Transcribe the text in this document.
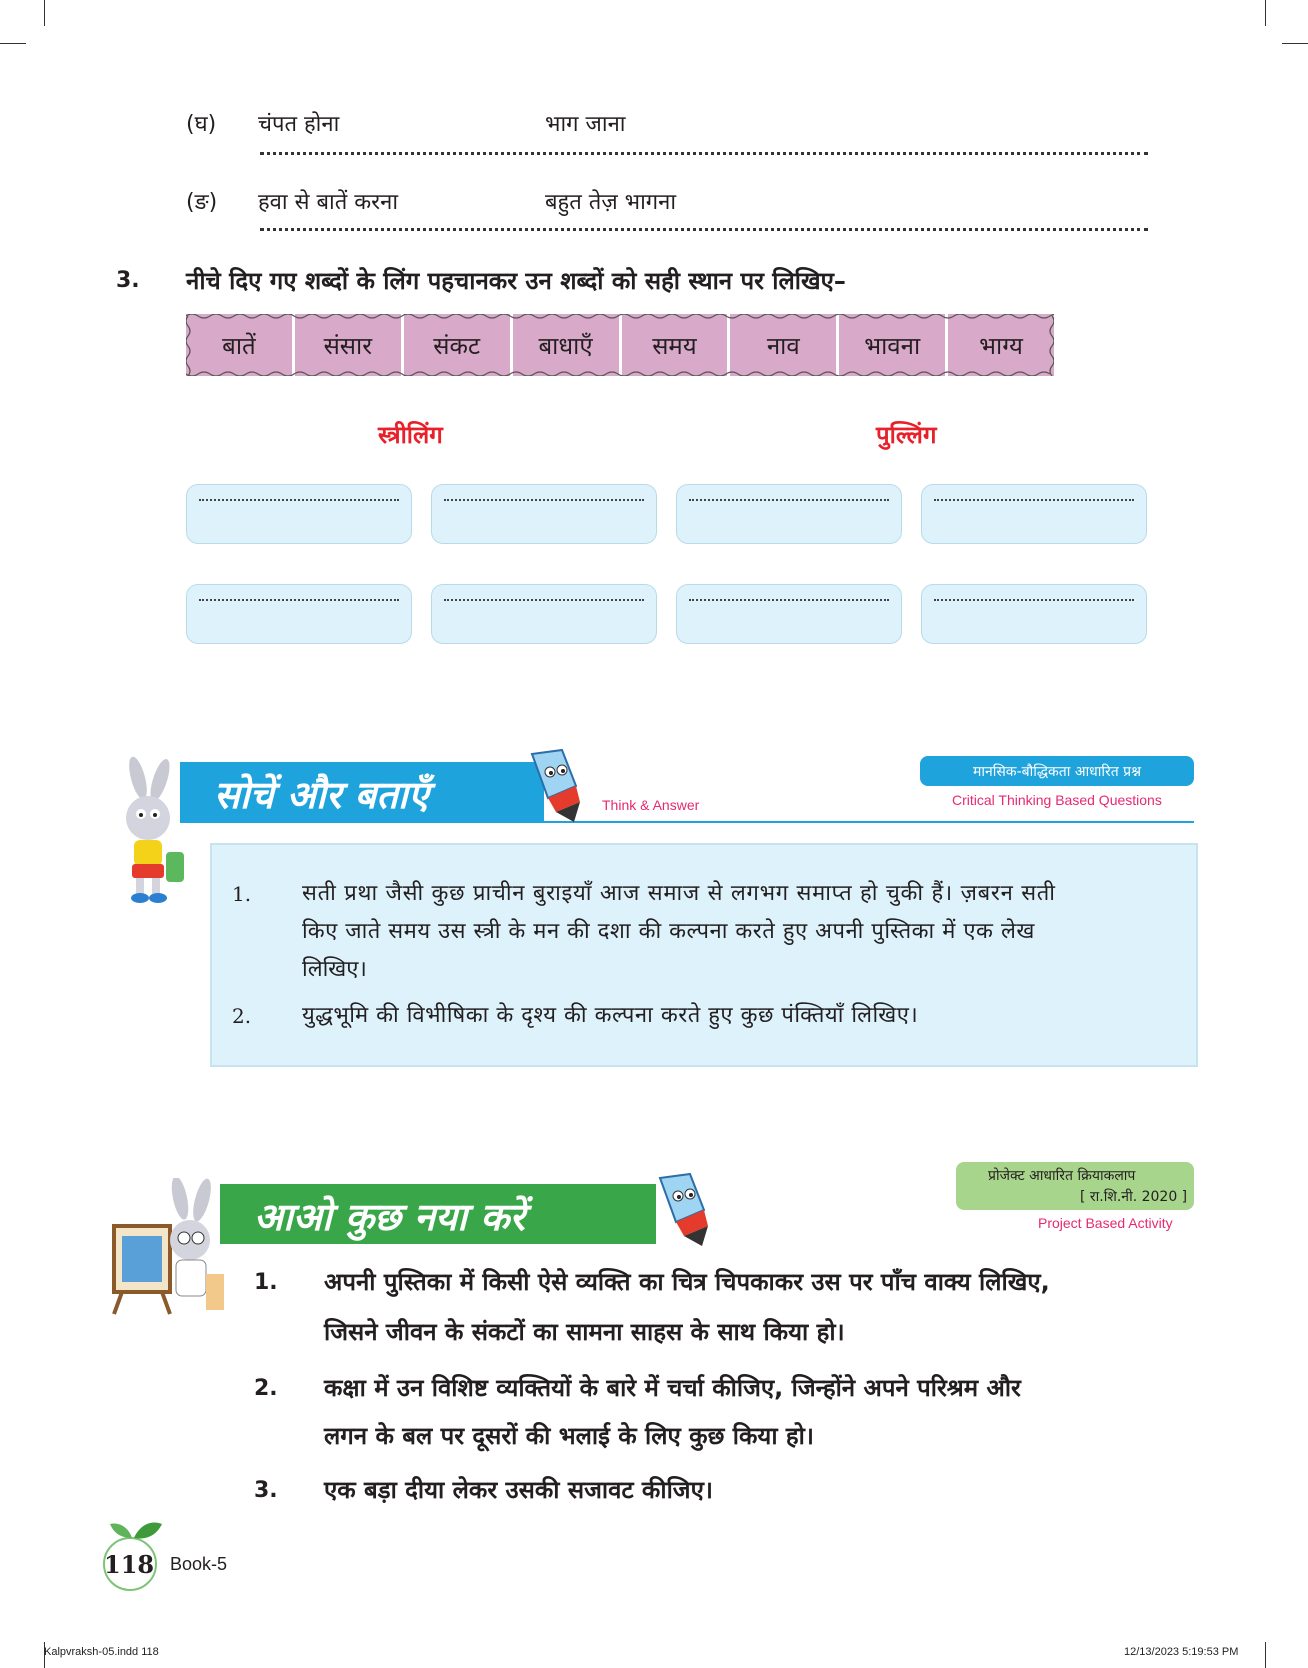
(घ) चंपत होना	भाग जाना
(ङ) हवा से बातें करना	बहुत तेज़ भागना
3. नीचे दिए गए शब्दों के लिंग पहचानकर उन शब्दों को सही स्थान पर लिखिए–
बातें	संसार	संकट बाधाएँ समय	नाव	भावना भाग्य
स्त्रीलिंग	पुल्लिंग
सोचें और बताएँ	Think & Answer
मानसिक-बौद्धिकता आधारित प्रश्न
Critical Thinking Based Questions
1. सती प्रथा जैसी कुछ प्राचीन बुराइयाँ आज समाज से लगभग समाप्त हो चुकी हैं। ज़बरन सती
किए जाते समय उस स्त्री के मन की दशा की कल्पना करते हुए अपनी पुस्तिका में एक लेख
लिखिए।
2. युद्धभूमि की विभीषिका के दृश्य की कल्पना करते हुए कुछ पंक्तियाँ लिखिए।
आओ कुछ नया करें
प्रोजेक्ट आधारित क्रियाकलाप
[ रा.शि.नी. 2020 ]
Project Based Activity
1. अपनी पुस्तिका में किसी ऐसे व्यक्ति का चित्र चिपकाकर उस पर पाँच वाक्य लिखिए,
जिसने जीवन के संकटों का सामना साहस के साथ किया हो।
2. कक्षा में उन विशिष्ट व्यक्तियों के बारे में चर्चा कीजिए, जिन्होंने अपने परिश्रम और
लगन के बल पर दूसरों की भलाई के लिए कुछ किया हो।
3. एक बड़ा दीया लेकर उसकी सजावट कीजिए।
118 Book-5
Kalpvraksh-05.indd 118	12/13/2023 5:19:53 PM
